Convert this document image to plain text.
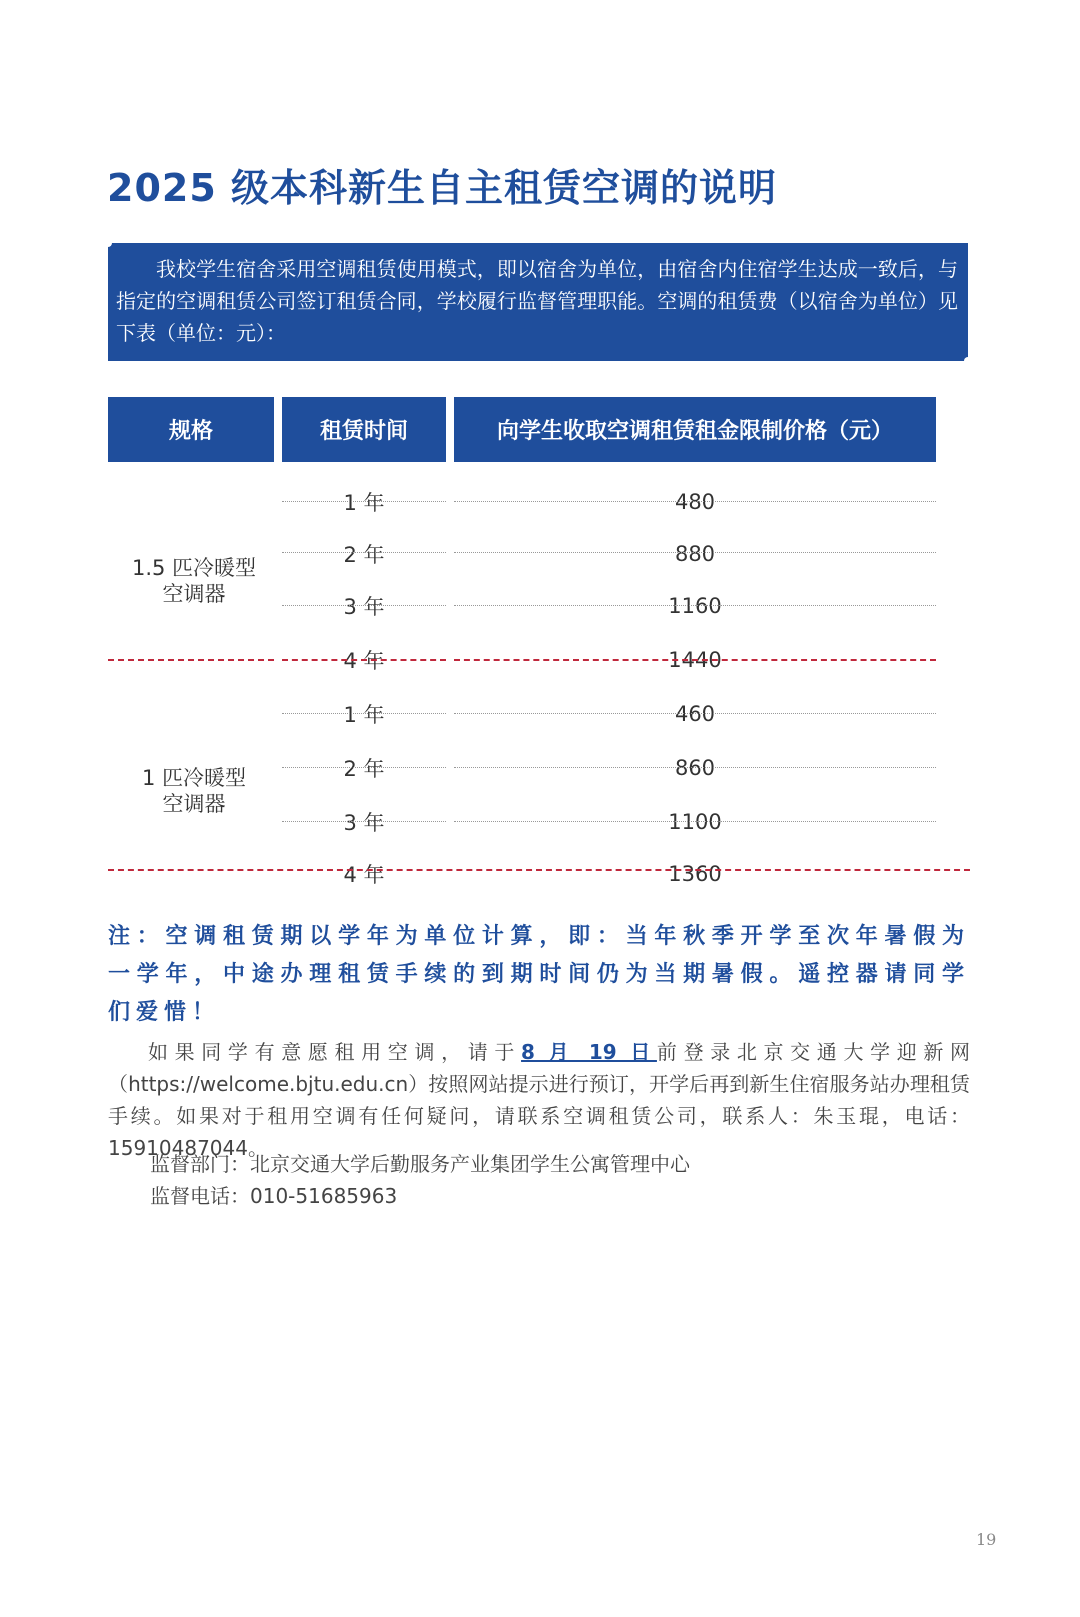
2025 级本科新生自主租赁空调的说明

我校学生宿舍采用空调租赁使用模式，即以宿舍为单位，由宿舍内住宿学生达成一致后，与指定的空调租赁公司签订租赁合同，学校履行监督管理职能。空调的租赁费（以宿舍为单位）见下表（单位：元）：

规格	租赁时间	向学生收取空调租赁租金限制价格（元）
1.5 匹冷暖型
空调器
1 年	480
2 年	880
3 年	1160
4 年	1440
1 匹冷暖型
空调器
1 年	460
2 年	860
3 年	1100
4 年	1360

注：空调租赁期以学年为单位计算，即：当年秋季开学至次年暑假为一学年，中途办理租赁手续的到期时间仍为当期暑假。遥控器请同学们爱惜！

如果同学有意愿租用空调，请于8 月 19 日前登录北京交通大学迎新网（https://welcome.bjtu.edu.cn）按照网站提示进行预订，开学后再到新生住宿服务站办理租赁手续。如果对于租用空调有任何疑问，请联系空调租赁公司，联系人：朱玉琨，电话：15910487044。

监督部门：北京交通大学后勤服务产业集团学生公寓管理中心
监督电话：010-51685963
19
